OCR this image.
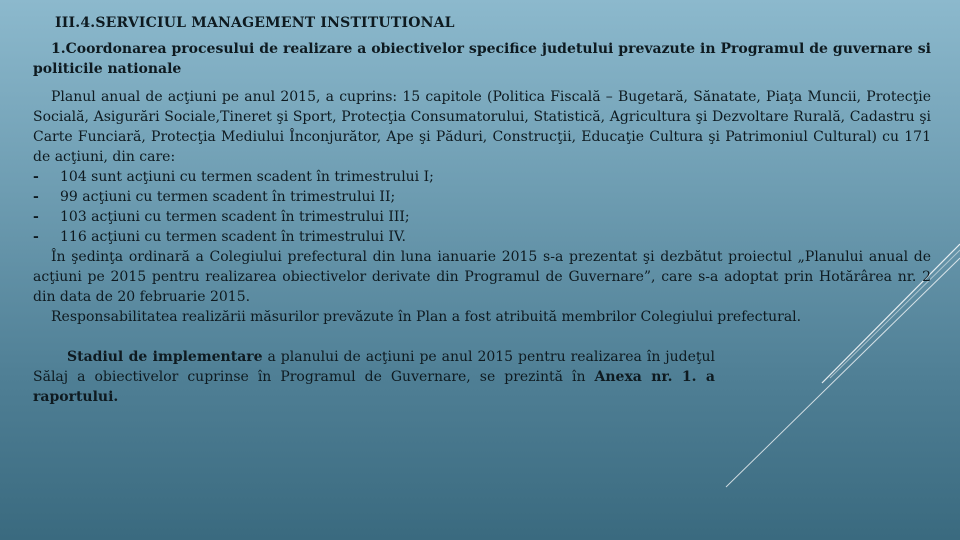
III.4.SERVICIUL MANAGEMENT INSTITUTIONAL

1.Coordonarea procesului de realizare a obiectivelor specifice judetului prevazute in Programul de guvernare si politicile nationale

Planul anual de acţiuni pe anul 2015, a cuprins: 15 capitole (Politica Fiscală – Bugetară, Sănatate, Piaţa Muncii, Protecţie Socială, Asigurări Sociale,Tineret şi Sport, Protecţia Consumatorului, Statistică, Agricultura şi Dezvoltare Rurală, Cadastru şi Carte Funciară, Protecţia Mediului Înconjurător, Ape şi Păduri, Construcţii, Educaţie Cultura şi Patrimoniul Cultural) cu 171 de acţiuni, din care:

-	104 sunt acţiuni cu termen scadent în trimestrului I;
-	99 acţiuni cu termen scadent în trimestrului II;
-	103 acţiuni cu termen scadent în trimestrului III;
-	116 acţiuni cu termen scadent în trimestrului IV.

În şedinţa ordinară a Colegiului prefectural din luna ianuarie 2015 s-a prezentat şi dezbătut proiectul „Planului anual de acţiuni pe 2015 pentru realizarea obiectivelor derivate din Programul de Guvernare”, care s-a adoptat prin Hotărârea nr. 2 din data de 20 februarie 2015.

Responsabilitatea realizării măsurilor prevăzute în Plan a fost atribuită membrilor Colegiului prefectural.

Stadiul de implementare a planului de acţiuni pe anul 2015 pentru realizarea în judeţul Sălaj a obiectivelor cuprinse în Programul de Guvernare, se prezintă în Anexa nr. 1. a raportului.
